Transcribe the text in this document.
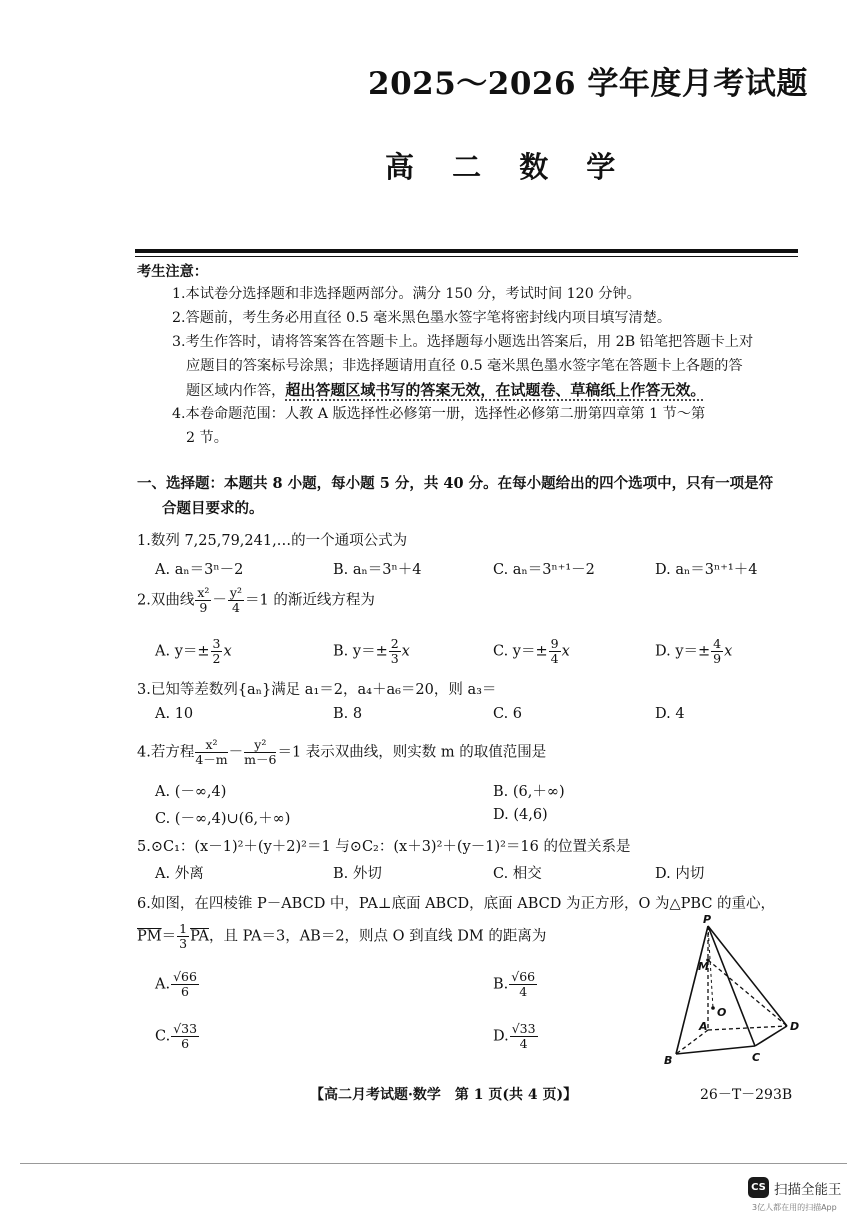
2025～2026 学年度月考试题
高 二 数 学
考生注意：
1.本试卷分选择题和非选择题两部分。满分 150 分，考试时间 120 分钟。
2.答题前，考生务必用直径 0.5 毫米黑色墨水签字笔将密封线内项目填写清楚。
3.考生作答时，请将答案答在答题卡上。选择题每小题选出答案后，用 2B 铅笔把答题卡上对
应题目的答案标号涂黑；非选择题请用直径 0.5 毫米黑色墨水签字笔在答题卡上各题的答
题区域内作答，超出答题区域书写的答案无效，在试题卷、草稿纸上作答无效。
4.本卷命题范围：人教 A 版选择性必修第一册，选择性必修第二册第四章第 1 节～第
2 节。
一、选择题：本题共 8 小题，每小题 5 分，共 40 分。在每小题给出的四个选项中，只有一项是符
合题目要求的。
1.数列 7,25,79,241,…的一个通项公式为
A. aₙ＝3ⁿ－2	B. aₙ＝3ⁿ＋4	C. aₙ＝3ⁿ⁺¹－2	D. aₙ＝3ⁿ⁺¹＋4
2.双曲线 $\frac{\text{x²}}{9} - \frac{\text{y²}}{4} =1$ 的渐近线方程为
A. $y=\pm \frac{3}{2}$ x	B. $y=\pm \frac{2}{3}$ x	C. $y=\pm \frac{9}{4}$ x	D. $y=\pm \frac{4}{9}$ x
3.已知等差数列{aₙ}满足 a₁＝2，a₄＋a₆＝20，则 a₃＝
A. 10	B. 8	C. 6	D. 4
4.若方程 $\frac{\text{x²}}{4-m} - \frac{\text{y²}}{m-6} =1$ 表示双曲线，则实数 m 的取值范围是
A. (－∞,4)	B. (6,＋∞)
C. (－∞,4)∪(6,＋∞)	D. (4,6)
5.⊙C₁：(x－1)²＋(y＋2)²＝1 与⊙C₂：(x＋3)²＋(y－1)²＝16 的位置关系是
A. 外离	B. 外切	C. 相交	D. 内切
6.如图，在四棱锥 P－ABCD 中，PA⊥底面 ABCD，底面 ABCD 为正方形，O 为△PBC 的重心，
$\overline{PM}= \frac{1}{3} \overline{PA}$，且 PA＝3，AB＝2，则点 O 到直线 DM 的距离为
A. $\frac{√66}{6}$	B. $\frac{√66}{4}$
C. $\frac{√33}{6}$	D. $\frac{√33}{4}$
P
M
O
A
B	C
D
【高二月考试题·数学　第 1 页(共 4 页)】	26－T－293B
CS 扫描全能王
3亿人都在用的扫描App
